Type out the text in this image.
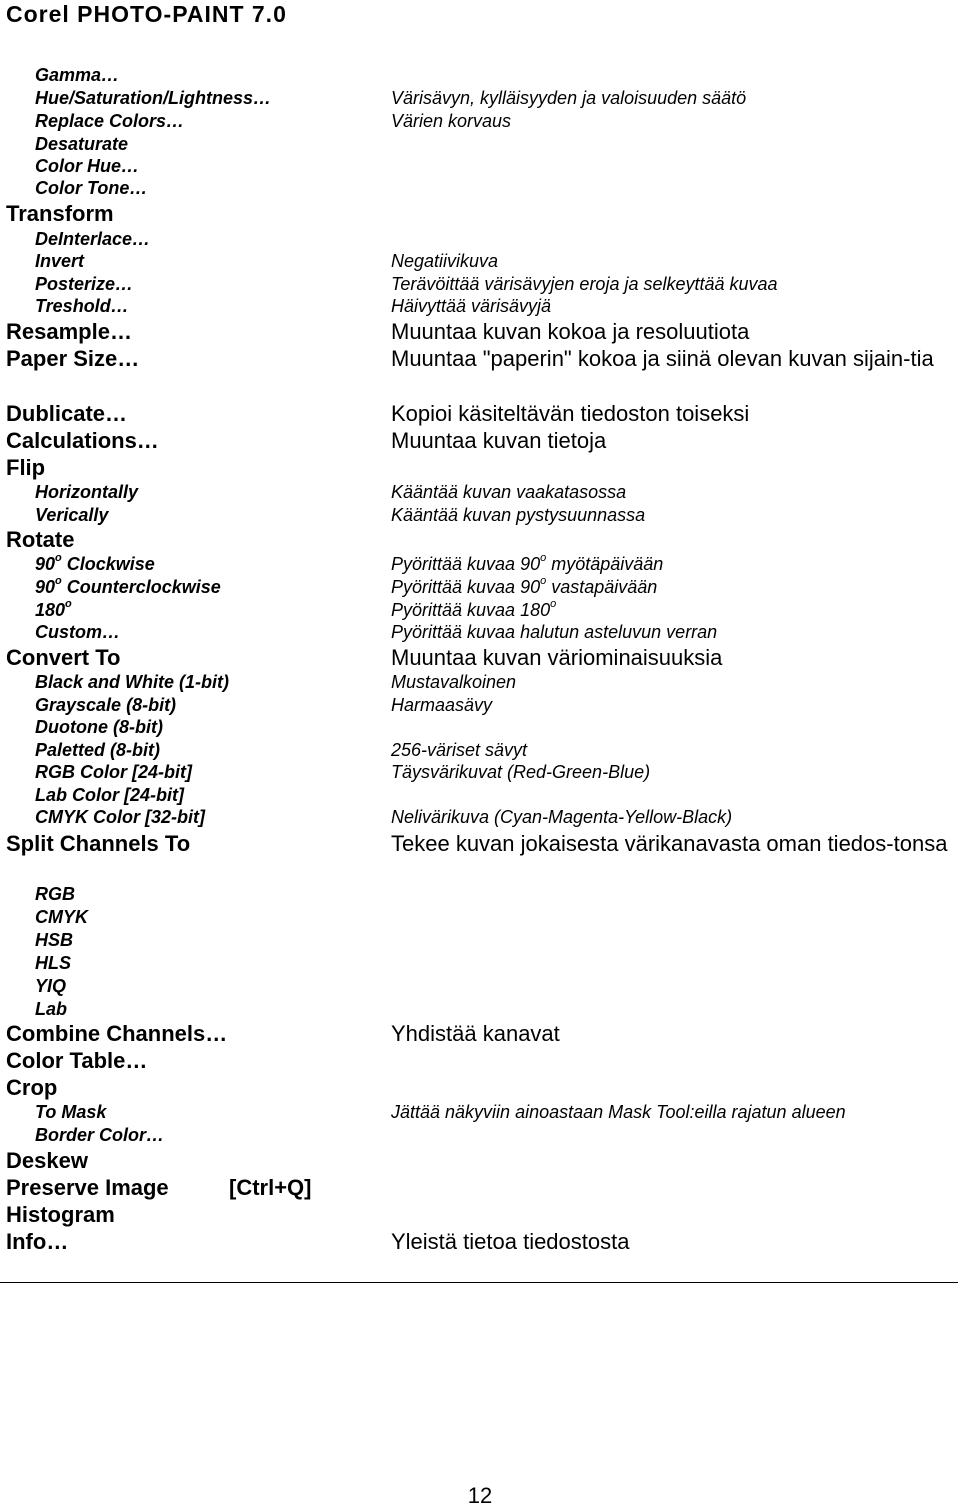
Corel PHOTO-PAINT 7.0
Gamma…
Hue/Saturation/Lightness…	Värisävyn, kylläisyyden ja valoisuuden säätö
Replace Colors…	Värien korvaus
Desaturate
Color Hue…
Color Tone…
Transform
DeInterlace…
Invert	Negatiivikuva
Posterize…	Terävöittää värisävyjen eroja ja selkeyttää kuvaa
Treshold…	Häivyttää värisävyjä
Resample…	Muuntaa kuvan kokoa ja resoluutiota
Paper Size…	Muuntaa "paperin" kokoa ja siinä olevan kuvan sijain-tia
Dublicate…	Kopioi käsiteltävän tiedoston toiseksi
Calculations…	Muuntaa kuvan tietoja
Flip
Horizontally	Kääntää kuvan vaakatasossa
Verically	Kääntää kuvan pystysuunnassa
Rotate
90$^o$ Clockwise	Pyörittää kuvaa 90$^o$ myötäpäivään
90$^o$ Counterclockwise	Pyörittää kuvaa 90$^o$ vastapäivään
180$^o$	Pyörittää kuvaa 180$^o$
Custom…	Pyörittää kuvaa halutun asteluvun verran
Convert To	Muuntaa kuvan väriominaisuuksia
Black and White (1-bit)	Mustavalkoinen
Grayscale (8-bit)	Harmaasävy
Duotone (8-bit)
Paletted (8-bit)	256-väriset sävyt
RGB Color [24-bit]	Täysvärikuvat (Red-Green-Blue)
Lab Color [24-bit]
CMYK Color [32-bit]	Nelivärikuva (Cyan-Magenta-Yellow-Black)
Split Channels To	Tekee kuvan jokaisesta värikanavasta oman tiedos-tonsa
RGB
CMYK
HSB
HLS
YIQ
Lab
Combine Channels…	Yhdistää kanavat
Color Table…
Crop
To Mask	Jättää näkyviin ainoastaan Mask Tool:eilla rajatun alueen
Border Color…
Deskew
Preserve Image	[Ctrl+Q]
Histogram
Info…	Yleistä tietoa tiedostosta
12
